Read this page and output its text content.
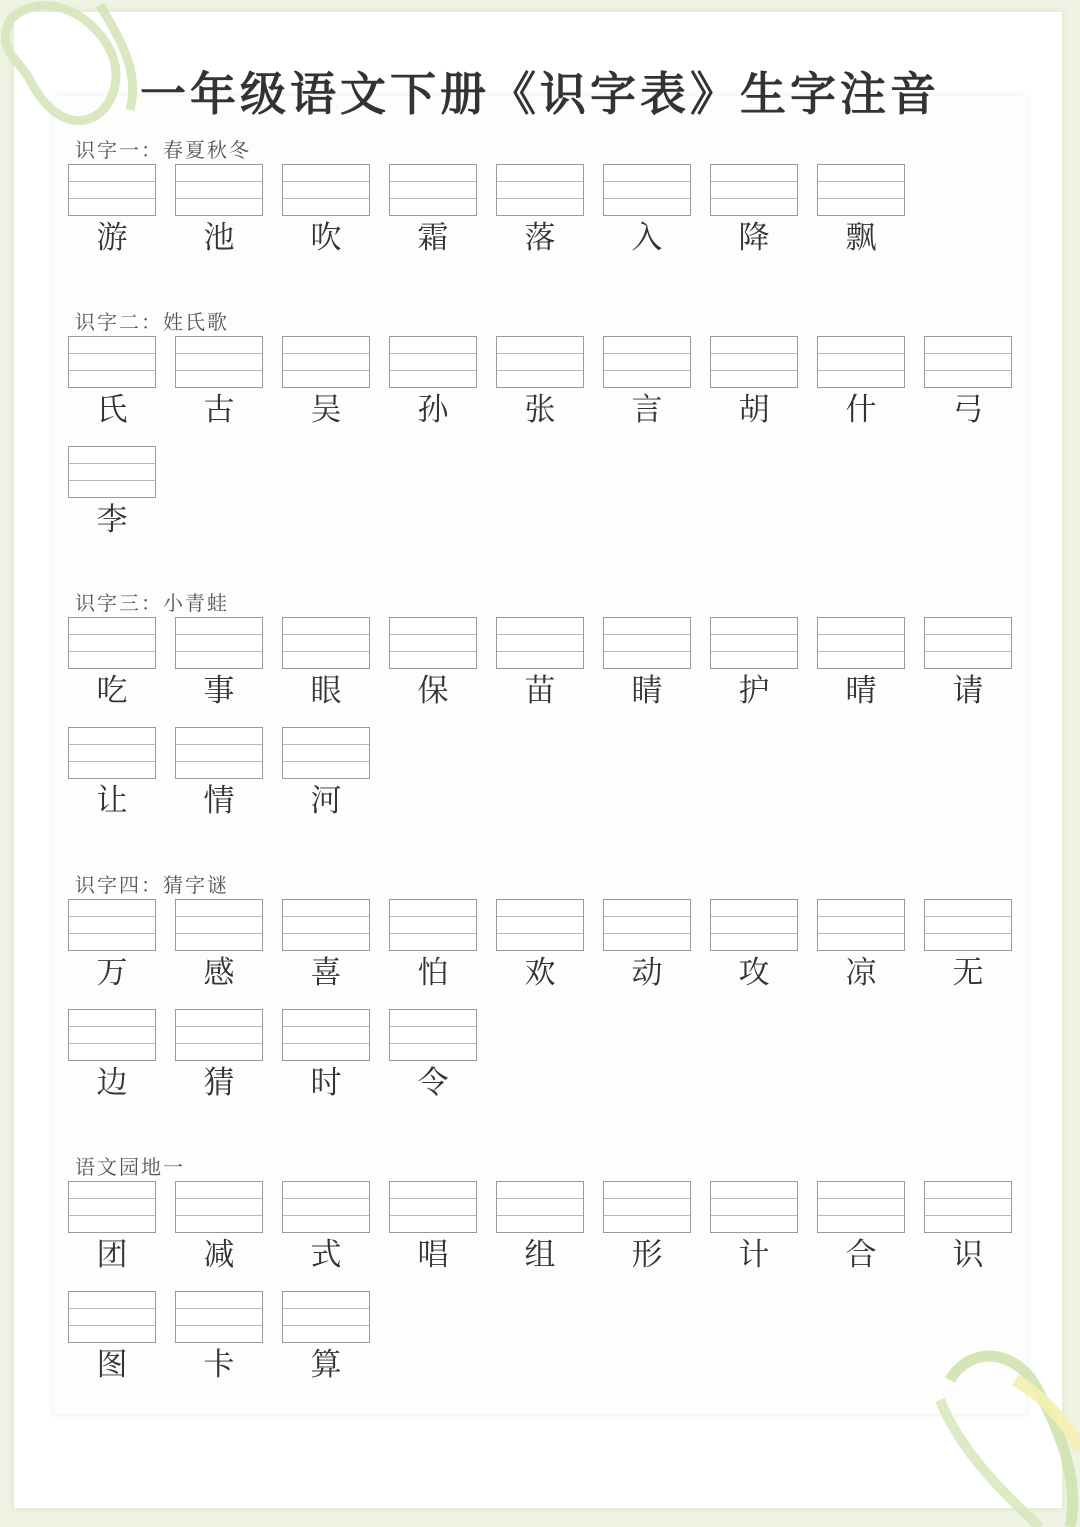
一年级语文下册《识字表》生字注音
识字一：春夏秋冬
游	池	吹	霜	落	入	降	飘
识字二：姓氏歌
氏	古	吴	孙	张	言	胡	什	弓
李
识字三：小青蛙
吃	事	眼	保	苗	睛	护	晴	请
让	情	河
识字四：猜字谜
万	感	喜	怕	欢	动	攻	凉	无
边	猜	时	令
语文园地一
团	减	式	唱	组	形	计	合	识
图	卡	算
